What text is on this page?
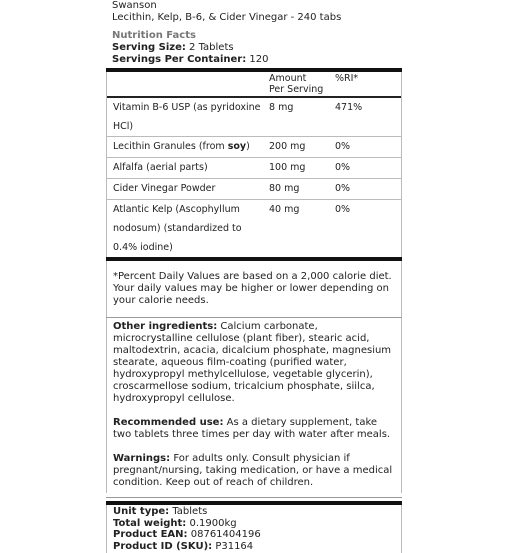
Swanson
Lecithin, Kelp, B-6, & Cider Vinegar - 240 tabs
Nutrition Facts
Serving Size: 2 Tablets
Servings Per Container: 120
Amount
Per Serving
%RI*
Vitamin B-6 USP (as pyridoxine
HCl)
8 mg	471%
Lecithin Granules (from soy)	200 mg	0%
Alfalfa (aerial parts)	100 mg	0%
Cider Vinegar Powder	80 mg	0%
Atlantic Kelp (Ascophyllum
nodosum) (standardized to
0.4% iodine)
40 mg	0%
*Percent Daily Values are based on a 2,000 calorie diet. Your daily values may be higher or lower depending on your calorie needs.
Other ingredients: Calcium carbonate, microcrystalline cellulose (plant fiber), stearic acid, maltodextrin, acacia, dicalcium phosphate, magnesium stearate, aqueous film-coating (purified water, hydroxypropyl methylcellulose, vegetable glycerin), croscarmellose sodium, tricalcium phosphate, siilca, hydroxypropyl cellulose.
Recommended use: As a dietary supplement, take two tablets three times per day with water after meals.
Warnings: For adults only. Consult physician if pregnant/nursing, taking medication, or have a medical condition. Keep out of reach of children.
Unit type: Tablets
Total weight: 0.1900kg
Product EAN: 08761404196
Product ID (SKU): P31164
